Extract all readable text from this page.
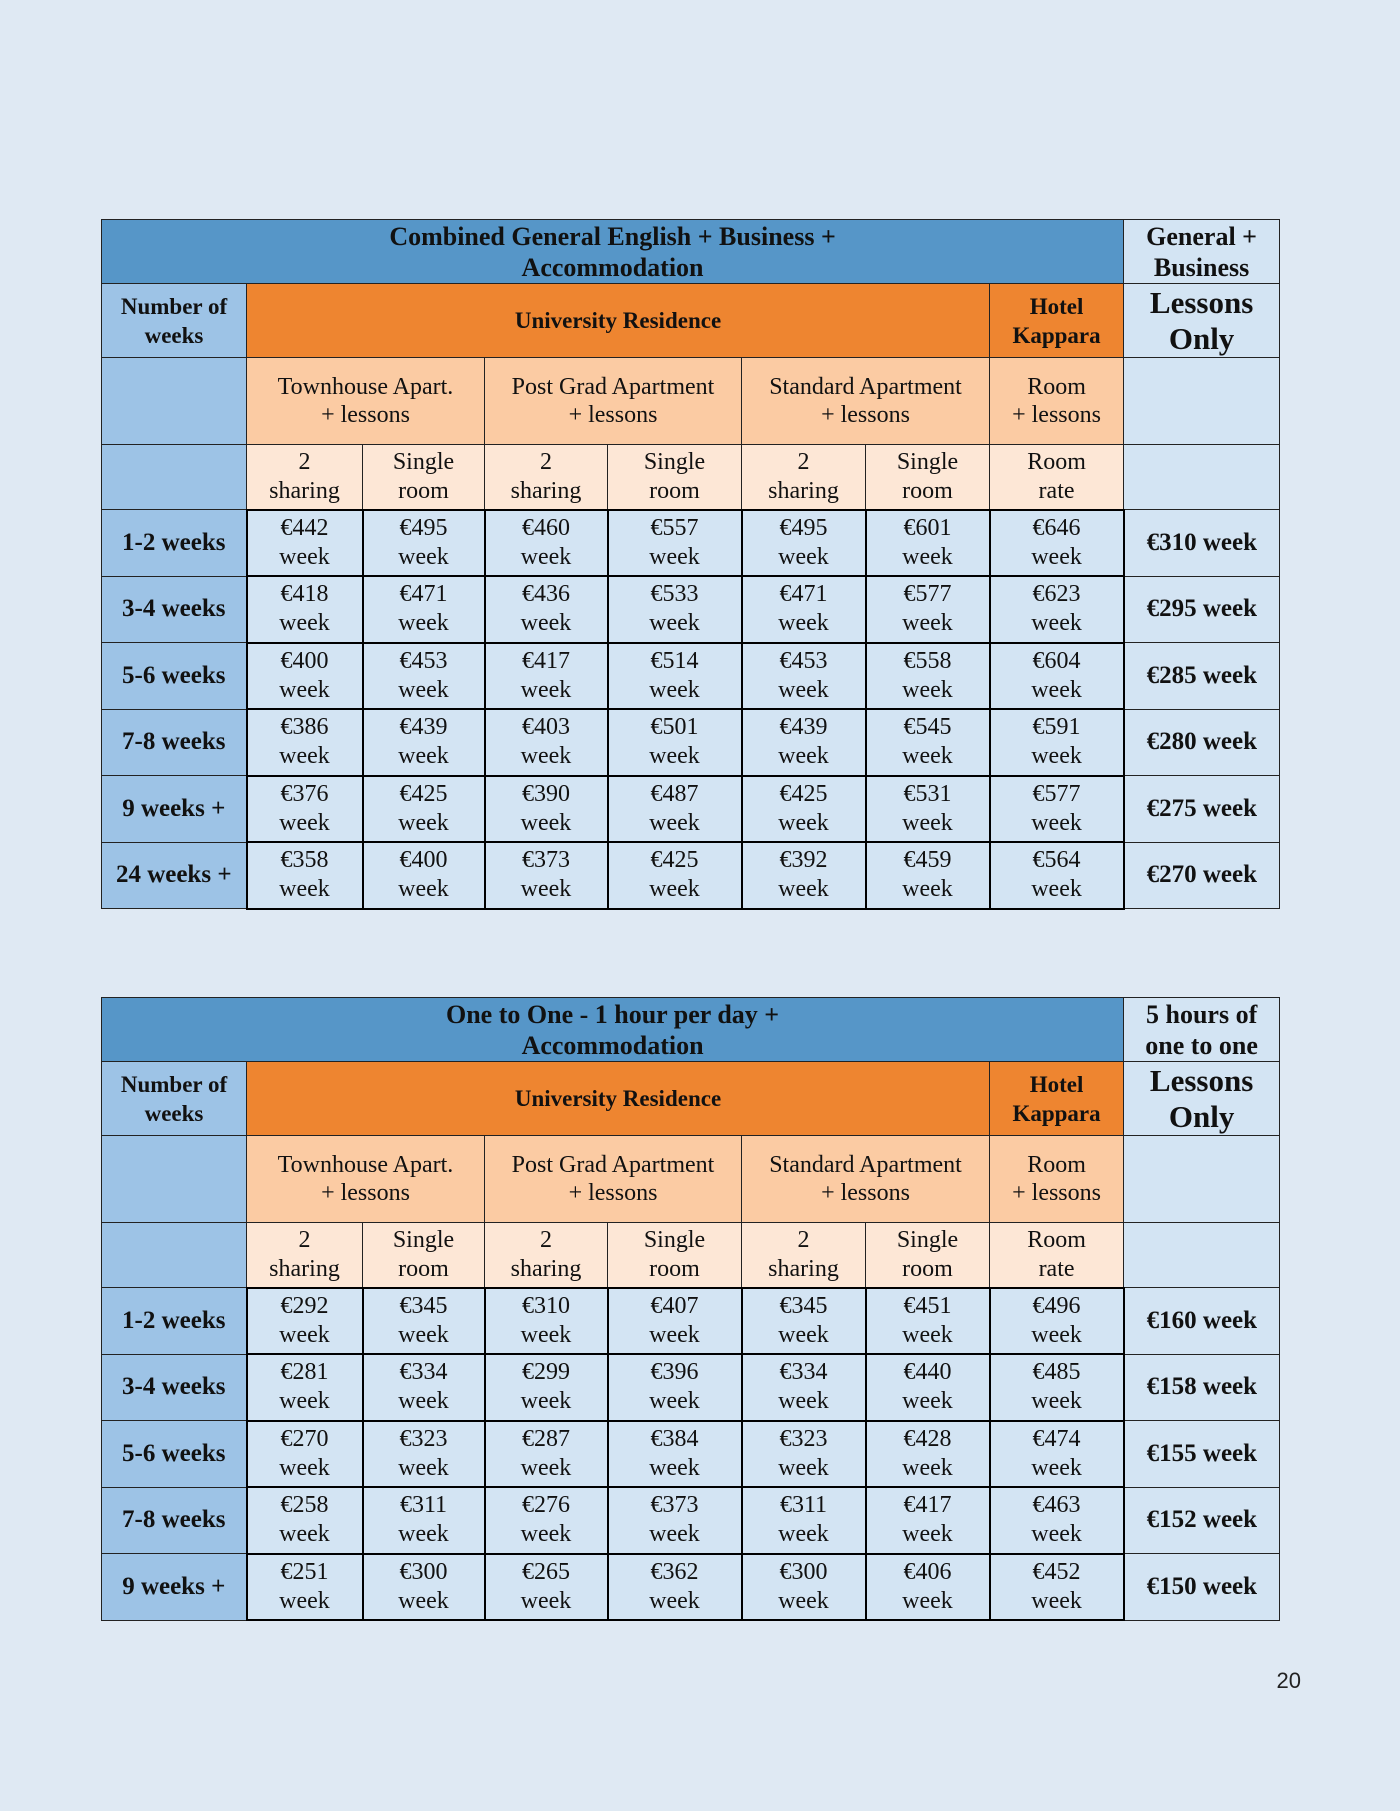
Combined General English + Business +
Accommodation								General +
Business

Number of
weeks	University Residence						Hotel
Kappara	Lessons
Only

	Townhouse Apart.
+ lessons		Post Grad Apartment
+ lessons		Standard Apartment
+ lessons		Room
+ lessons	

	2
sharing	Single
room	2
sharing	Single
room	2
sharing	Single
room	Room
rate	

1-2 weeks	€442
week	€495
week	€460
week	€557
week	€495
week	€601
week	€646
week	€310 week
3-4 weeks	€418
week	€471
week	€436
week	€533
week	€471
week	€577
week	€623
week	€295 week
5-6 weeks	€400
week	€453
week	€417
week	€514
week	€453
week	€558
week	€604
week	€285 week
7-8 weeks	€386
week	€439
week	€403
week	€501
week	€439
week	€545
week	€591
week	€280 week
9 weeks +	€376
week	€425
week	€390
week	€487
week	€425
week	€531
week	€577
week	€275 week
24 weeks +	€358
week	€400
week	€373
week	€425
week	€392
week	€459
week	€564
week	€270 week
One to One - 1 hour per day +
Accommodation								5 hours of
one to one

Number of
weeks	University Residence						Hotel
Kappara	Lessons
Only

	Townhouse Apart.
+ lessons		Post Grad Apartment
+ lessons		Standard Apartment
+ lessons		Room
+ lessons	

	2
sharing	Single
room	2
sharing	Single
room	2
sharing	Single
room	Room
rate	

1-2 weeks	€292
week	€345
week	€310
week	€407
week	€345
week	€451
week	€496
week	€160 week
3-4 weeks	€281
week	€334
week	€299
week	€396
week	€334
week	€440
week	€485
week	€158 week
5-6 weeks	€270
week	€323
week	€287
week	€384
week	€323
week	€428
week	€474
week	€155 week
7-8 weeks	€258
week	€311
week	€276
week	€373
week	€311
week	€417
week	€463
week	€152 week
9 weeks +	€251
week	€300
week	€265
week	€362
week	€300
week	€406
week	€452
week	€150 week
20
